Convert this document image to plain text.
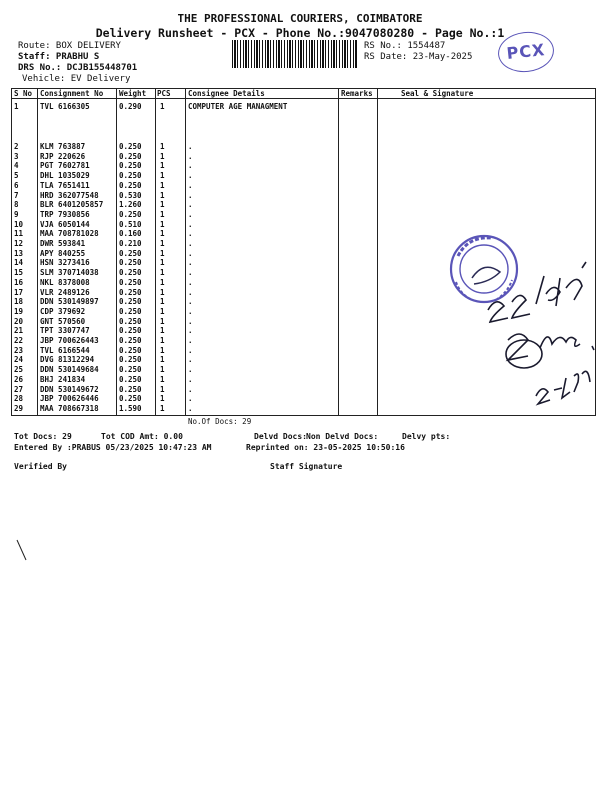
THE PROFESSIONAL COURIERS, COIMBATORE
Delivery Runsheet - PCX - Phone No.:9047080280 - Page No.:1
Route: BOX DELIVERY
Staff: PRABHU S
DRS No.: DCJB155448701
Vehicle: EV Delivery
RS No.: 1554487
RS Date: 23-May-2025	PCX
S No Consignment No Weight PCS Consignee Details	Remarks	Seal & Signature
1	TVL 6166305	0.290 1	COMPUTER AGE MANAGMENT
2	KLM 763887	0.250 1	.
3	RJP 220626	0.250 1	.
4	PGT 7602781	0.250 1	.
5	DHL 1035029	0.250 1	.
6	TLA 7651411	0.250 1	.
7	HRD 362077548	0.530 1	.
8	BLR 6401205857 1.260 1	.
9	TRP 7930856	0.250 1	.
10 VJA 6050144	0.510 1	.
11 MAA 708781028	0.160 1	.
12 DWR 593841	0.210 1	.
13 APY 840255	0.250 1	.
14 HSN 3273416	0.250 1	.
15 SLM 370714038	0.250 1	.
16 NKL 8378008	0.250 1	.
17 VLR 2489126	0.250 1	.
18 DDN 530149897	0.250 1	.
19 CDP 379692	0.250 1	.
20 GNT 570560	0.250 1	.
21 TPT 3307747	0.250 1	.
22 JBP 700626443	0.250 1	.
23 TVL 6166544	0.250 1	.
24 DVG 81312294	0.250 1	.
25 DDN 530149684	0.250 1	.
26 BHJ 241834	0.250 1	.
27 DDN 530149672	0.250 1	.
28 JBP 700626446	0.250 1	.
29 MAA 708667318	1.590 1	.
No.Of Docs: 29
Tot Docs: 29	Tot COD Amt: 0.00	Delvd Docs: Non Delvd Docs:	Delvy pts:
Entered By :PRABUS 05/23/2025 10:47:23 AM	Reprinted on: 23-05-2025 10:50:16
Verified By	Staff Signature
